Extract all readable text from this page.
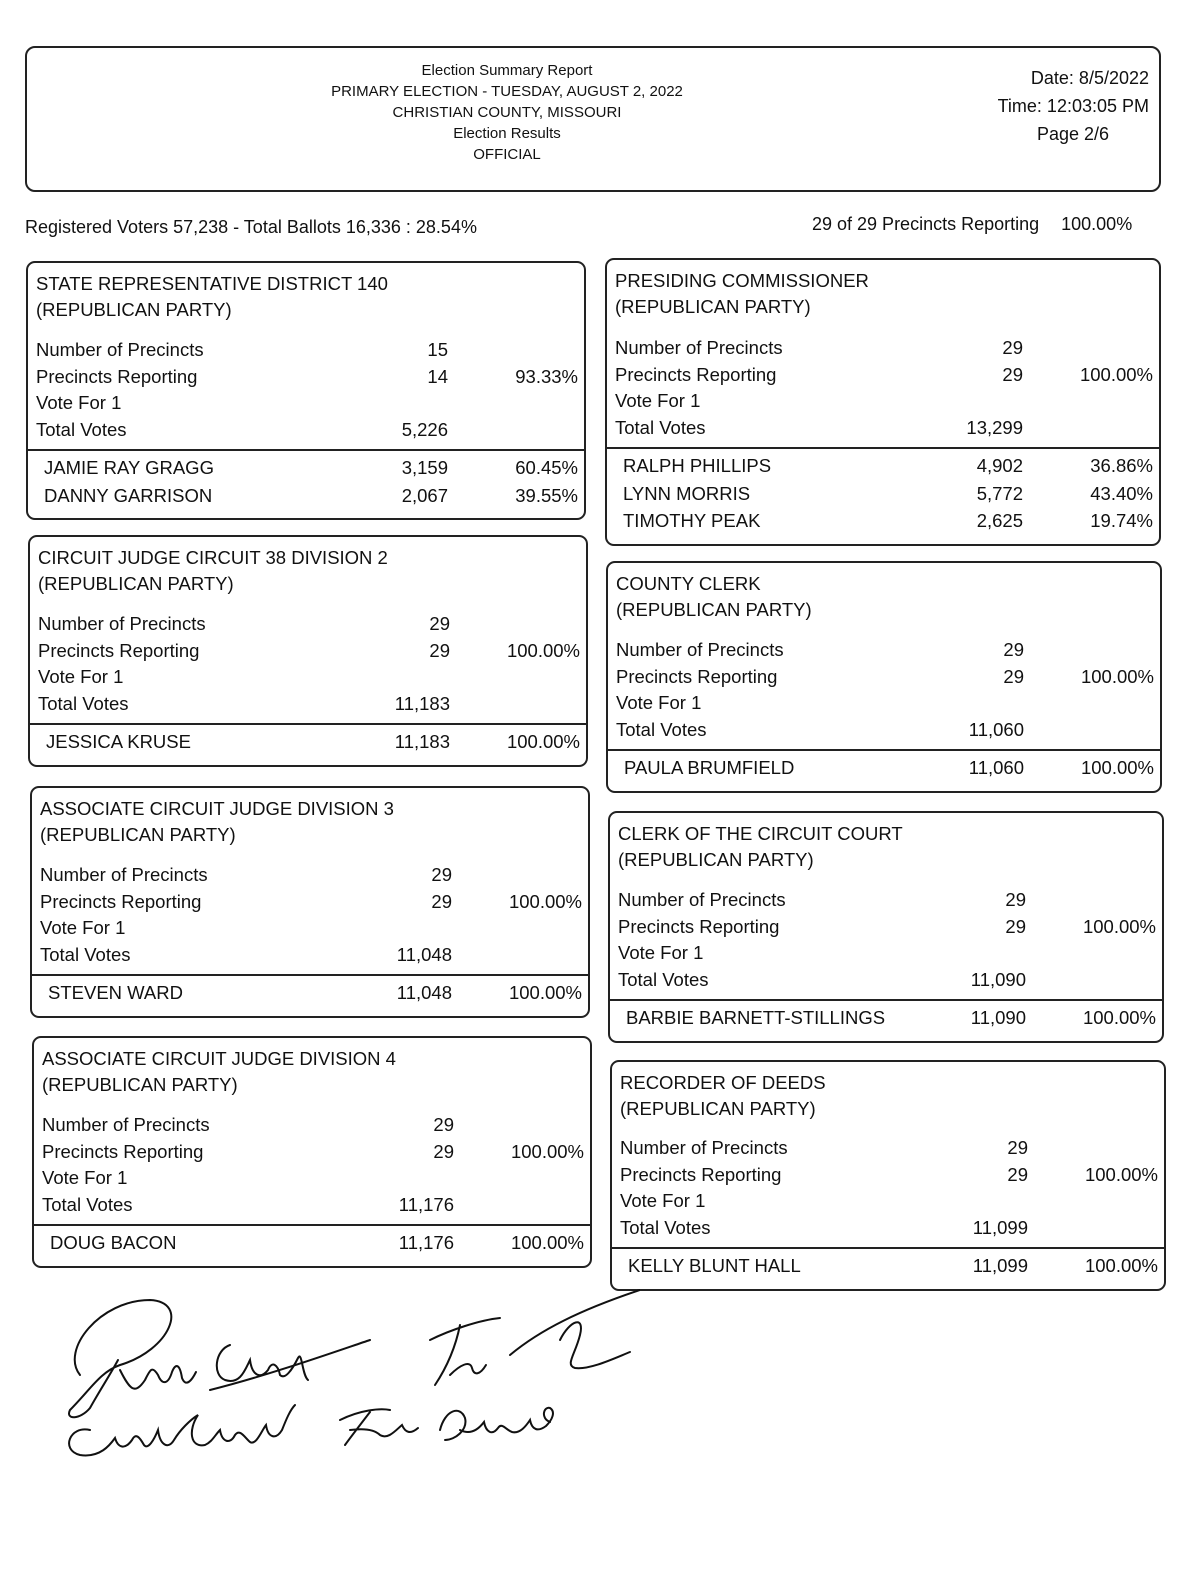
Election Summary Report
PRIMARY ELECTION - TUESDAY, AUGUST 2, 2022
CHRISTIAN COUNTY, MISSOURI
Election Results
OFFICIAL
Date: 8/5/2022
Time: 12:03:05 PM
Page 2/6
Registered Voters 57,238 - Total Ballots 16,336 : 28.54%	29 of 29 Precincts Reporting 100.00%
STATE REPRESENTATIVE DISTRICT 140
(REPUBLICAN PARTY)
Number of Precincts	15
Precincts Reporting	14	93.33%
Vote For 1
Total Votes	5,226
JAMIE RAY GRAGG	3,159	60.45%
DANNY GARRISON	2,067	39.55%
CIRCUIT JUDGE CIRCUIT 38 DIVISION 2
(REPUBLICAN PARTY)
Number of Precincts	29
Precincts Reporting	29	100.00%
Vote For 1
Total Votes	11,183
JESSICA KRUSE	11,183	100.00%
ASSOCIATE CIRCUIT JUDGE DIVISION 3
(REPUBLICAN PARTY)
Number of Precincts	29
Precincts Reporting	29	100.00%
Vote For 1
Total Votes	11,048
STEVEN WARD	11,048	100.00%
ASSOCIATE CIRCUIT JUDGE DIVISION 4
(REPUBLICAN PARTY)
Number of Precincts	29
Precincts Reporting	29	100.00%
Vote For 1
Total Votes	11,176
DOUG BACON	11,176	100.00%
PRESIDING COMMISSIONER
(REPUBLICAN PARTY)
Number of Precincts	29
Precincts Reporting	29	100.00%
Vote For 1
Total Votes	13,299
RALPH PHILLIPS	4,902	36.86%
LYNN MORRIS	5,772	43.40%
TIMOTHY PEAK	2,625	19.74%
COUNTY CLERK
(REPUBLICAN PARTY)
Number of Precincts	29
Precincts Reporting	29	100.00%
Vote For 1
Total Votes	11,060
PAULA BRUMFIELD	11,060	100.00%
CLERK OF THE CIRCUIT COURT
(REPUBLICAN PARTY)
Number of Precincts	29
Precincts Reporting	29	100.00%
Vote For 1
Total Votes	11,090
BARBIE BARNETT-STILLINGS	11,090	100.00%
RECORDER OF DEEDS
(REPUBLICAN PARTY)
Number of Precincts	29
Precincts Reporting	29	100.00%
Vote For 1
Total Votes	11,099
KELLY BLUNT HALL	11,099	100.00%
